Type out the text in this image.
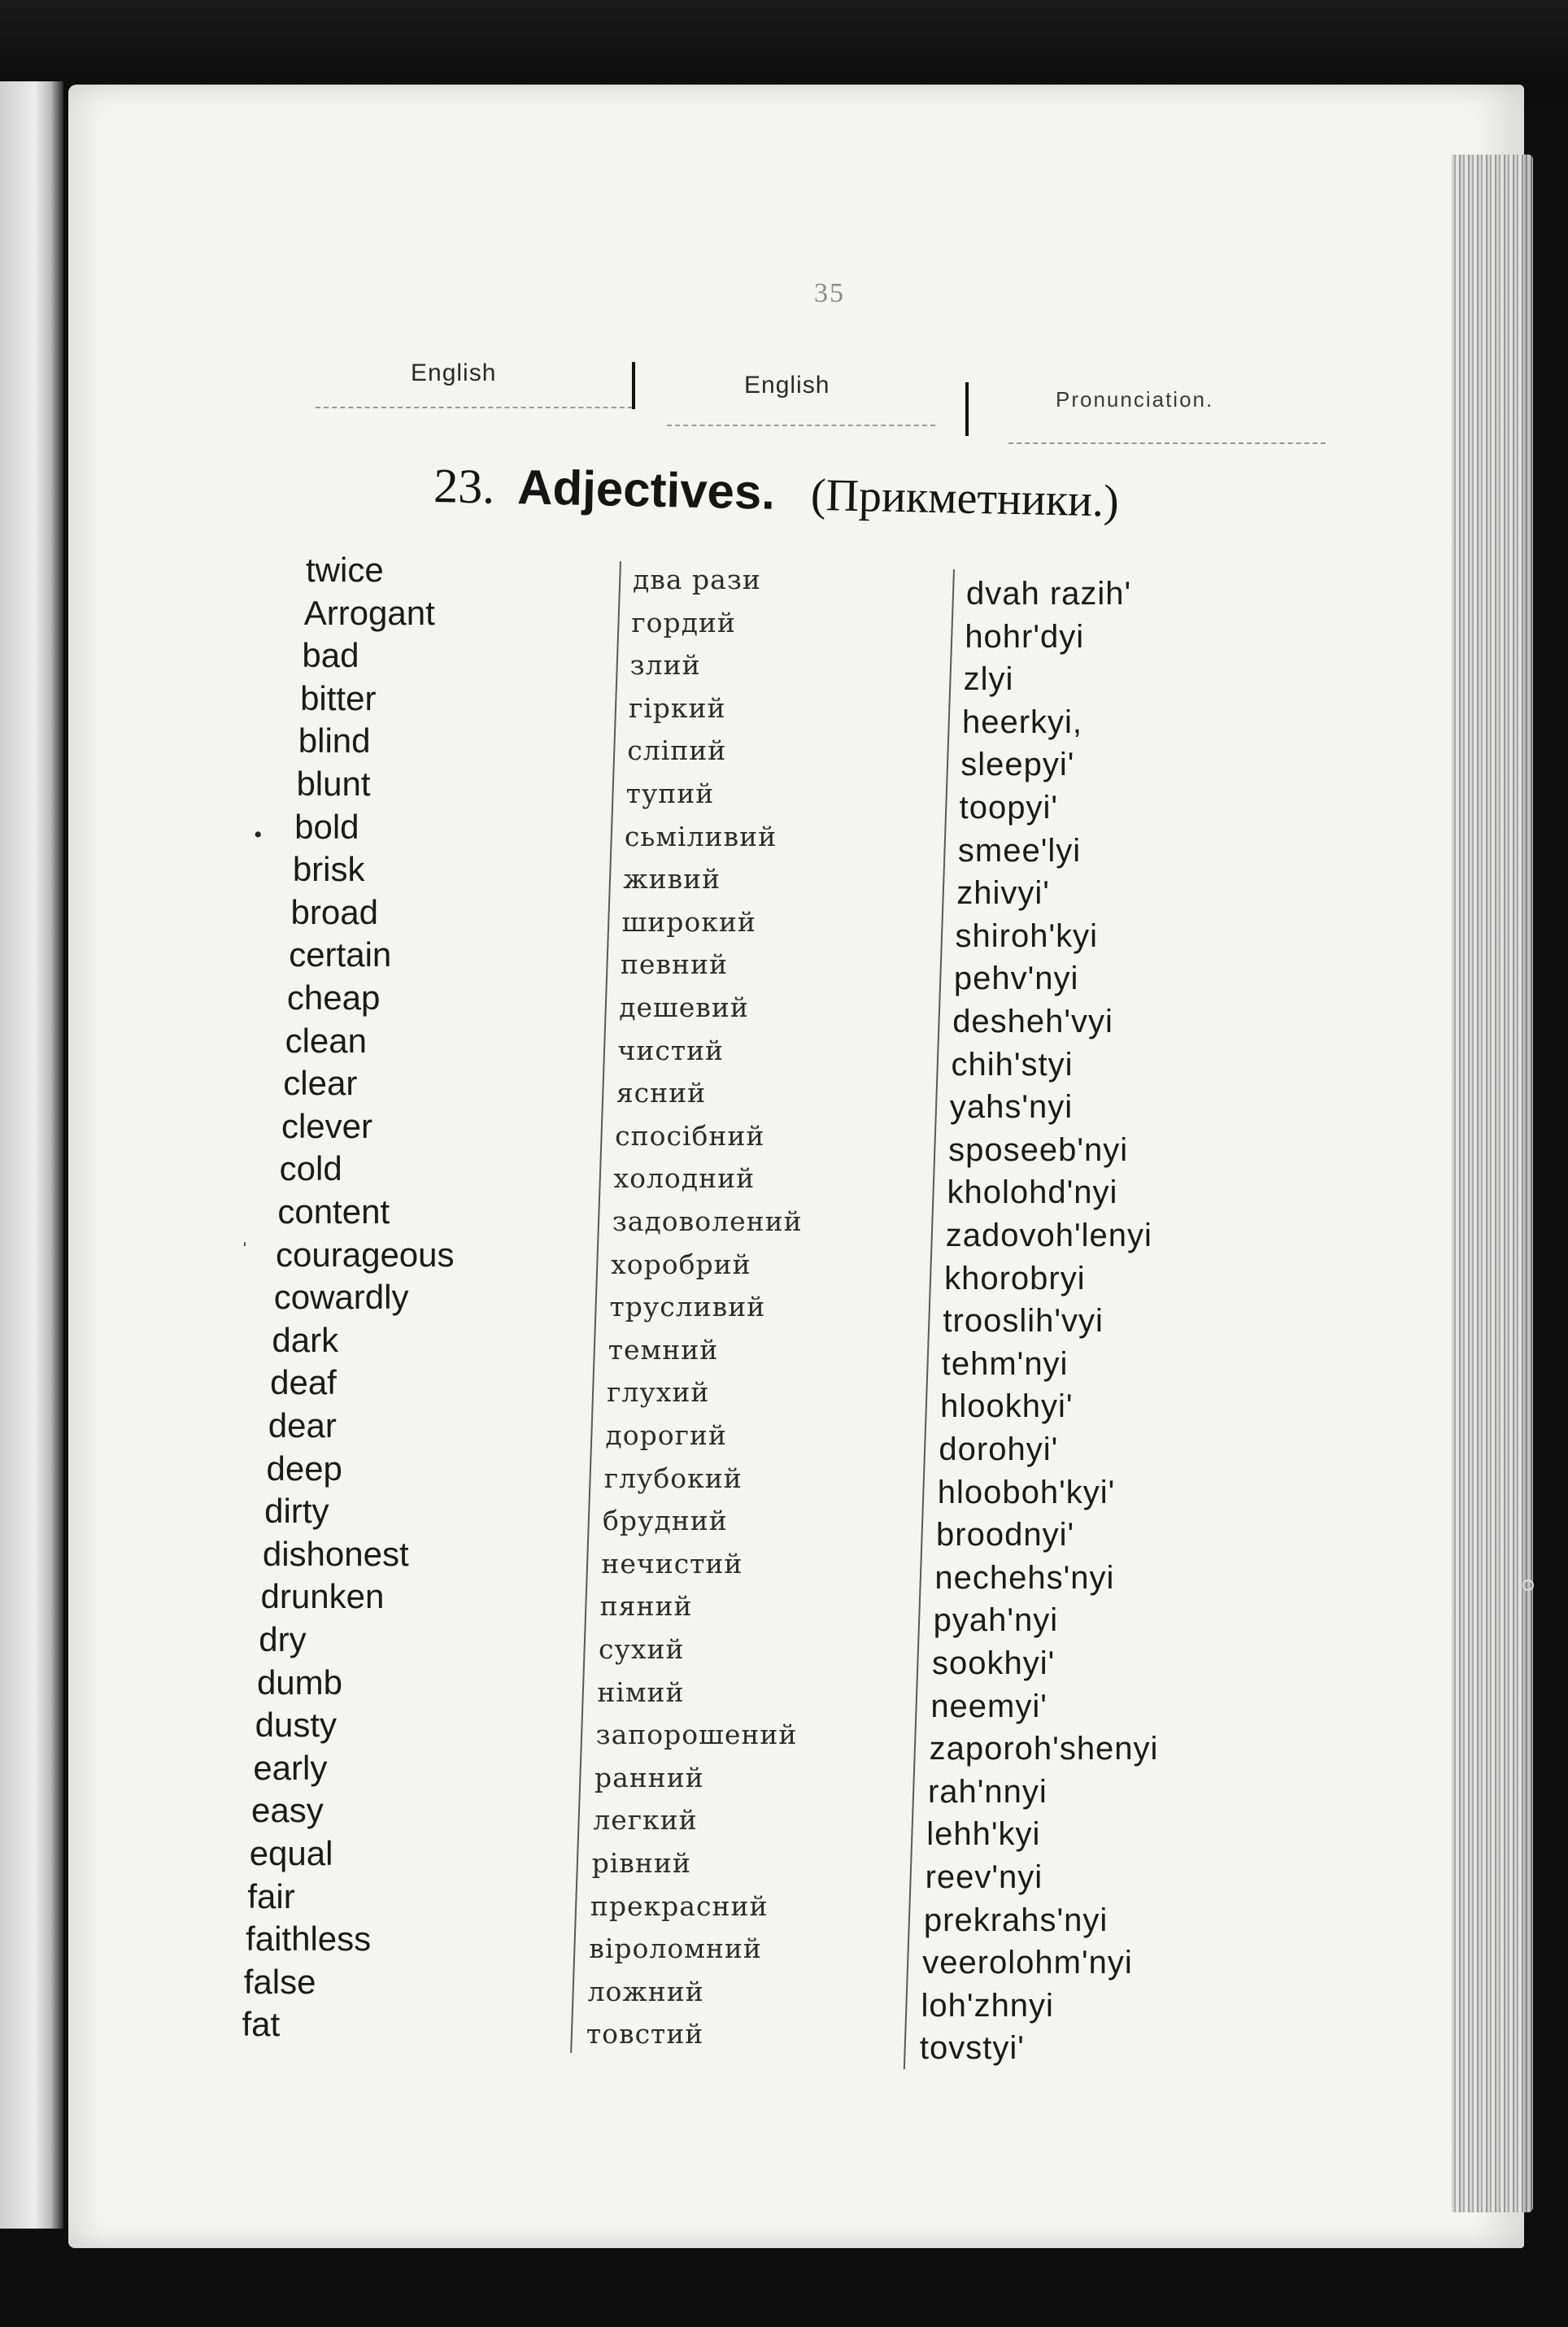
35
English	English
Pronunciation.
23. Adjectives. (Прикметники.)
•
ˈ
twice	два рази	dvah razih'
Arrogant	гордий	hohr'dyi
bad	злий	zlyi
bitter	гіркий	heerkyi,
blind	сліпий	sleepyi'
blunt	тупий	toopyi'
bold	сьміливий	smee'lyi
brisk	живий	zhivyi'
broad	широкий	shiroh'kyi
certain	певний	pehv'nyi
cheap	дешевий	desheh'vyi
clean	чистий	chih'styi
clear	ясний	yahs'nyi
clever	спосібний	sposeeb'nyi
cold	холодний	kholohd'nyi
content	задоволений	zadovoh'lenyi
courageous	хоробрий	khorobryi
cowardly	трусливий	trooslih'vyi
dark	темний	tehm'nyi
deaf	глухий	hlookhyi'
dear	дорогий	dorohyi'
deep	глубокий	hlooboh'kyi'
dirty	брудний	broodnyi'
dishonest	нечистий	nechehs'nyi
drunken	пяний	pyah'nyi
dry	сухий	sookhyi'
dumb	німий	neemyi'
dusty	запорошений	zaporoh'shenyi
early	ранний	rah'nnyi
easy	легкий	lehh'kyi
equal	рівний	reev'nyi
fair	прекрасний	prekrahs'nyi
faithless	віроломний	veerolohm'nyi
false	ложний	loh'zhnyi
fat	товстий	tovstyi'
